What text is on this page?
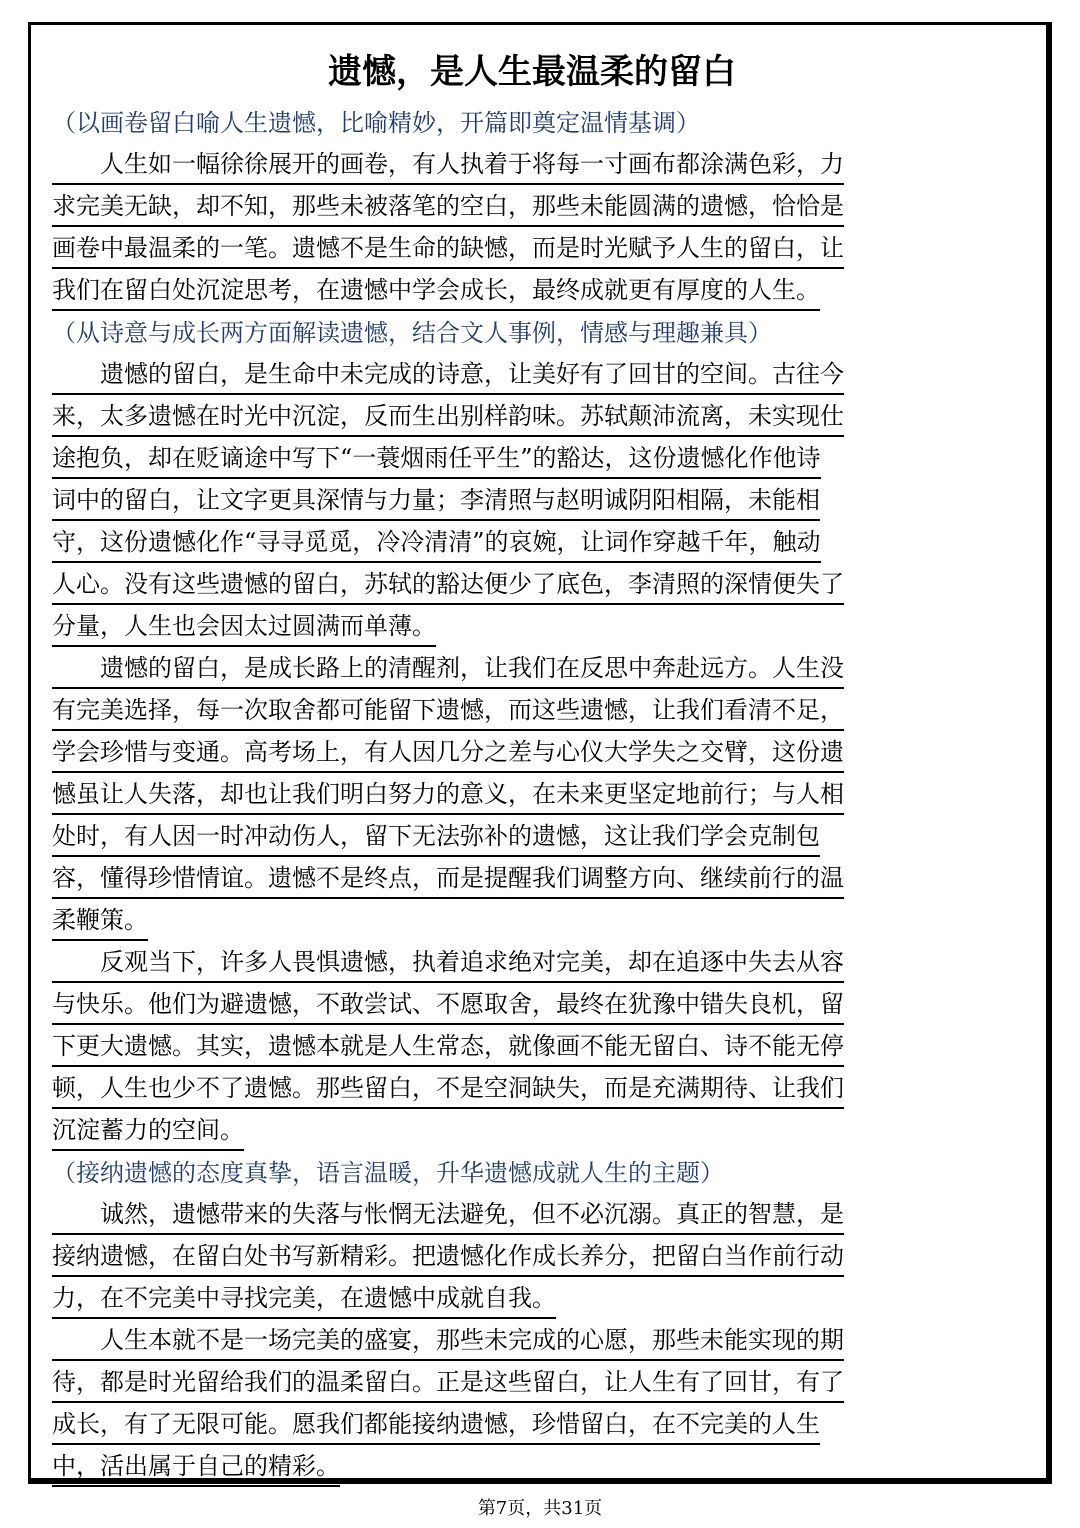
遗憾，是人生最温柔的留白
（以画卷留白喻人生遗憾，比喻精妙，开篇即奠定温情基调）
人生如一幅徐徐展开的画卷，有人执着于将每一寸画布都涂满色彩，力
求完美无缺，却不知，那些未被落笔的空白，那些未能圆满的遗憾，恰恰是
画卷中最温柔的一笔。遗憾不是生命的缺憾，而是时光赋予人生的留白，让
我们在留白处沉淀思考，在遗憾中学会成长，最终成就更有厚度的人生。
（从诗意与成长两方面解读遗憾，结合文人事例，情感与理趣兼具）
遗憾的留白，是生命中未完成的诗意，让美好有了回甘的空间。古往今
来，太多遗憾在时光中沉淀，反而生出别样韵味。苏轼颠沛流离，未实现仕
途抱负，却在贬谪途中写下“一蓑烟雨任平生”的豁达，这份遗憾化作他诗
词中的留白，让文字更具深情与力量；李清照与赵明诚阴阳相隔，未能相
守，这份遗憾化作“寻寻觅觅，冷冷清清”的哀婉，让词作穿越千年，触动
人心。没有这些遗憾的留白，苏轼的豁达便少了底色，李清照的深情便失了
分量，人生也会因太过圆满而单薄。
遗憾的留白，是成长路上的清醒剂，让我们在反思中奔赴远方。人生没
有完美选择，每一次取舍都可能留下遗憾，而这些遗憾，让我们看清不足，
学会珍惜与变通。高考场上，有人因几分之差与心仪大学失之交臂，这份遗
憾虽让人失落，却也让我们明白努力的意义，在未来更坚定地前行；与人相
处时，有人因一时冲动伤人，留下无法弥补的遗憾，这让我们学会克制包
容，懂得珍惜情谊。遗憾不是终点，而是提醒我们调整方向、继续前行的温
柔鞭策。
反观当下，许多人畏惧遗憾，执着追求绝对完美，却在追逐中失去从容
与快乐。他们为避遗憾，不敢尝试、不愿取舍，最终在犹豫中错失良机，留
下更大遗憾。其实，遗憾本就是人生常态，就像画不能无留白、诗不能无停
顿，人生也少不了遗憾。那些留白，不是空洞缺失，而是充满期待、让我们
沉淀蓄力的空间。
（接纳遗憾的态度真挚，语言温暖，升华遗憾成就人生的主题）
诚然，遗憾带来的失落与怅惘无法避免，但不必沉溺。真正的智慧，是
接纳遗憾，在留白处书写新精彩。把遗憾化作成长养分，把留白当作前行动
力，在不完美中寻找完美，在遗憾中成就自我。
人生本就不是一场完美的盛宴，那些未完成的心愿，那些未能实现的期
待，都是时光留给我们的温柔留白。正是这些留白，让人生有了回甘，有了
成长，有了无限可能。愿我们都能接纳遗憾，珍惜留白，在不完美的人生
中，活出属于自己的精彩。
第7页，共31页
